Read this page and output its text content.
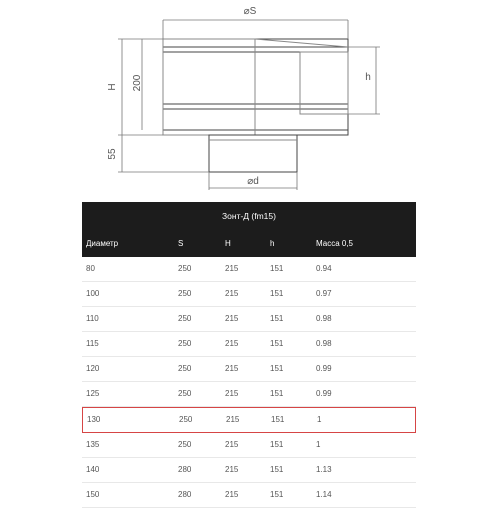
⌀S
⌀d
H 200
55
h
Зонт-Д (fm15)
Диаметр	S	H	h	Масса 0,5
80	250	215	151	0.94
100	250	215	151	0.97
110	250	215	151	0.98
115	250	215	151	0.98
120	250	215	151	0.99
125	250	215	151	0.99
130	250	215	151	1
135	250	215	151	1
140	280	215	151	1.13
150	280	215	151	1.14
